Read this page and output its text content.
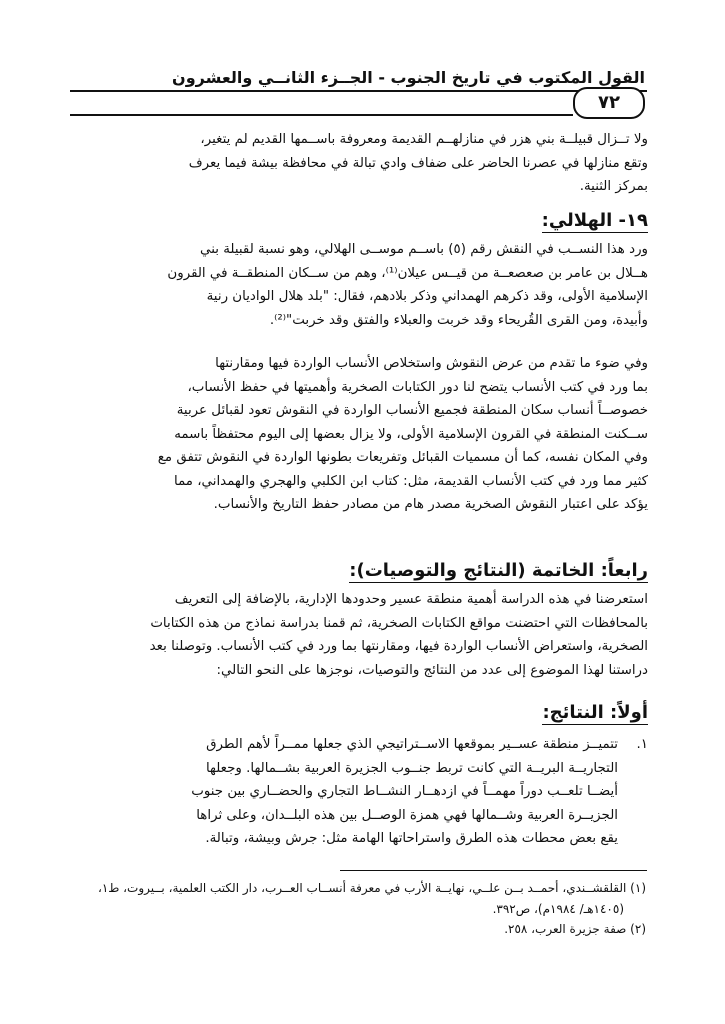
القول المكتوب في تاريخ الجنوب - الجــزء الثانــي والعشرون
٧٢
ولا تــزال قبيلــة بني هزر في منازلهــم القديمة ومعروفة باســمها القديم لم يتغير،
وتقع منازلها في عصرنا الحاضر على ضفاف وادي تبالة في محافظة بيشة فيما يعرف
بمركز الثنية.
١٩- الهلالي:
ورد هذا النســب في النقش رقم (٥) باســم موســى الهلالي، وهو نسبة لقبيلة بني
هــلال بن عامر بن صعصعــة من قيــس عيلان⁽¹⁾، وهم من ســكان المنطقــة في القرون
الإسلامية الأولى، وقد ذكرهم الهمداني وذكر بلادهم، فقال: "بلد هلال الواديان رنية
وأبيدة، ومن القرى القُريحاء وقد خربت والعبلاء والفتق وقد خربت"⁽²⁾.
وفي ضوء ما تقدم من عرض النقوش واستخلاص الأنساب الواردة فيها ومقارنتها
بما ورد في كتب الأنساب يتضح لنا دور الكتابات الصخرية وأهميتها في حفظ الأنساب،
خصوصــاً أنساب سكان المنطقة فجميع الأنساب الواردة في النقوش تعود لقبائل عربية
ســكنت المنطقة في القرون الإسلامية الأولى، ولا يزال بعضها إلى اليوم محتفظاً باسمه
وفي المكان نفسه، كما أن مسميات القبائل وتفريعات بطونها الواردة في النقوش تتفق مع
كثير مما ورد في كتب الأنساب القديمة، مثل: كتاب ابن الكلبي والهجري والهمداني، مما
يؤكد على اعتبار النقوش الصخرية مصدر هام من مصادر حفظ التاريخ والأنساب.
رابعاً: الخاتمة (النتائج والتوصيات):
استعرضنا في هذه الدراسة أهمية منطقة عسير وحدودها الإدارية، بالإضافة إلى التعريف
بالمحافظات التي احتضنت مواقع الكتابات الصخرية، ثم قمنا بدراسة نماذج من هذه الكتابات
الصخرية، واستعراض الأنساب الواردة فيها، ومقارنتها بما ورد في كتب الأنساب. وتوصلنا بعد
دراستنا لهذا الموضوع إلى عدد من النتائج والتوصيات، نوجزها على النحو التالي:
أولاً: النتائج:
١.
تتميــز منطقة عســير بموقعها الاســتراتيجي الذي جعلها ممــراً لأهم الطرق
التجاريــة البريــة التي كانت تربط جنــوب الجزيرة العربية بشــمالها. وجعلها
أيضــا تلعــب دوراً مهمــاً في ازدهــار النشــاط التجاري والحضــاري بين جنوب
الجزيــرة العربية وشــمالها فهي همزة الوصــل بين هذه البلــدان، وعلى ثراها
يقع بعض محطات هذه الطرق واستراحاتها الهامة مثل: جرش وبيشة، وتبالة.
(١) القلقشــندي، أحمــد بــن علــي، نهايــة الأرب في معرفة أنســاب العــرب، دار الكتب العلمية، بــيروت، ط١،
(١٤٠٥هـ/ ١٩٨٤م)، ص٣٩٢.
(٢) صفة جزيرة العرب، ٢٥٨.
